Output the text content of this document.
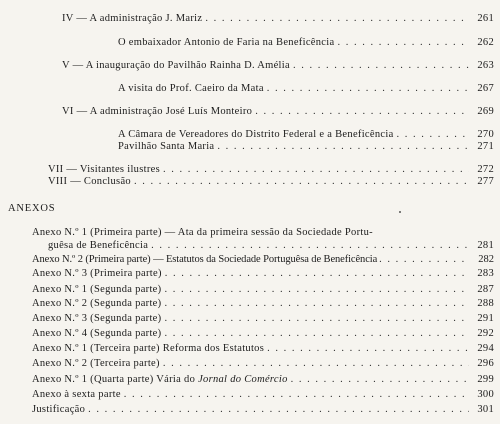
IV — A administração J. Mariz . . .	261
O embaixador Antonio de Faria na Beneficência . . .	262
V — A inauguração do Pavilhão Rainha D. Amélia . . .	263
A visita do Prof. Caeiro da Mata . . .	267
VI — A administração José Luís Monteiro . . .	269
A Câmara de Vereadores do Distrito Federal e a Beneficência . . .	270
Pavilhão Santa Maria . . .	271
VII — Visitantes ilustres . . .	272
VIII — Conclusão . . .	277
ANEXOS
Anexo N.º 1 (Primeira parte) — Ata da primeira sessão da Sociedade Portu-
guêsa de Beneficência . . .	281
Anexo N.º 2 (Primeira parte) — Estatutos da Sociedade Portuguêsa de Beneficência . . .	282
Anexo N.º 3 (Primeira parte) . . .	283
Anexo N.º 1 (Segunda parte) . . .	287
Anexo N.º 2 (Segunda parte) . . .	288
Anexo N.º 3 (Segunda parte) . . .	291
Anexo N.º 4 (Segunda parte) . . .	292
Anexo N.º 1 (Terceira parte) Reforma dos Estatutos . . .	294
Anexo N.º 2 (Terceira parte) . . .	296
Anexo N.º 1 (Quarta parte) Vária do Jornal do Comércio . . .	299
Anexo à sexta parte . . .	300
Justificação . . .	301
